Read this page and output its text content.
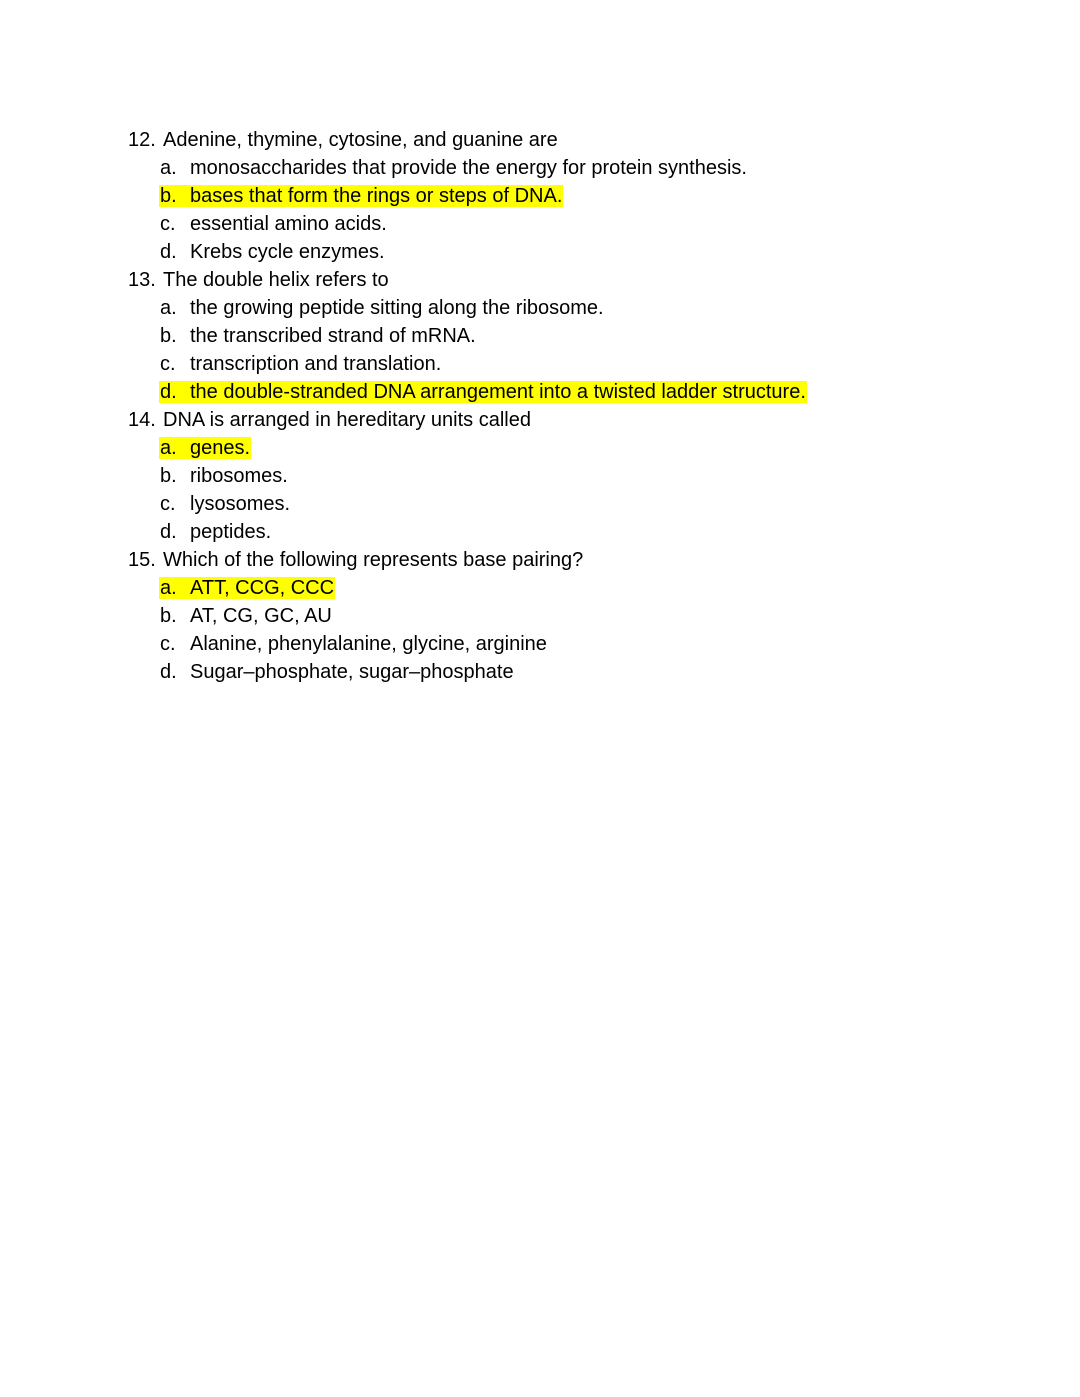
12. Adenine, thymine, cytosine, and guanine are
a. monosaccharides that provide the energy for protein synthesis.
b. bases that form the rings or steps of DNA.
c. essential amino acids.
d. Krebs cycle enzymes.
13. The double helix refers to
a. the growing peptide sitting along the ribosome.
b. the transcribed strand of mRNA.
c. transcription and translation.
d. the double-stranded DNA arrangement into a twisted ladder structure.
14. DNA is arranged in hereditary units called
a. genes.
b. ribosomes.
c. lysosomes.
d. peptides.
15. Which of the following represents base pairing?
a. ATT, CCG, CCC
b. AT, CG, GC, AU
c. Alanine, phenylalanine, glycine, arginine
d. Sugar–phosphate, sugar–phosphate
